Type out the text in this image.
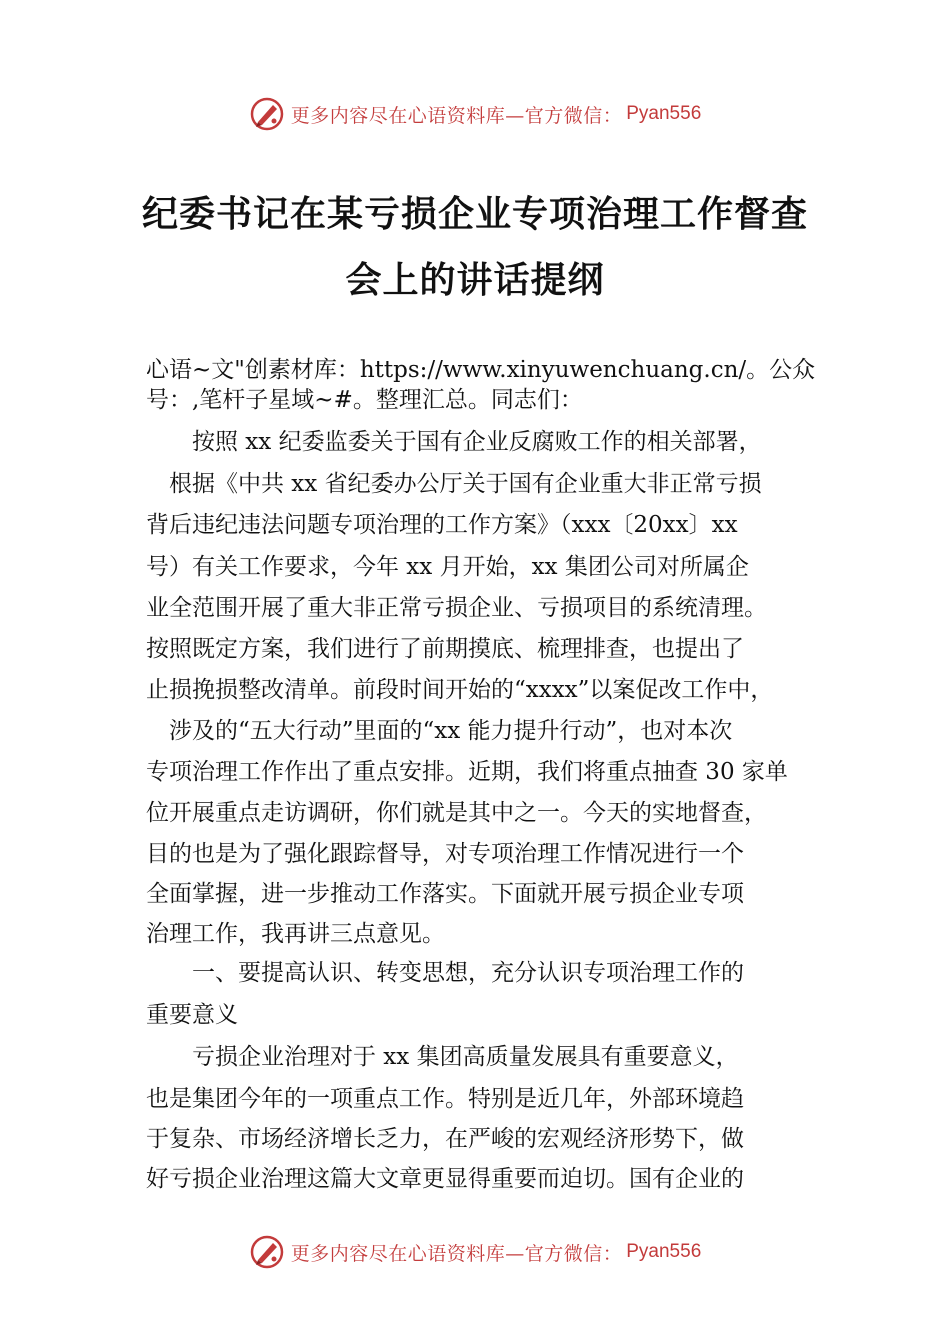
更多内容尽在心语资料库—官方微信： Pyan556
纪委书记在某亏损企业专项治理工作督查
会上的讲话提纲
心语~文"创素材库：https://www.xinyuwenchuang.cn/。公众
号：,笔杆子星域~#。整理汇总。同志们：
　　按照 xx 纪委监委关于国有企业反腐败工作的相关部署，
　根据《中共 xx 省纪委办公厅关于国有企业重大非正常亏损
背后违纪违法问题专项治理的工作方案》（xxx〔20xx〕xx
号）有关工作要求，今年 xx 月开始，xx 集团公司对所属企
业全范围开展了重大非正常亏损企业、亏损项目的系统清理。
按照既定方案，我们进行了前期摸底、梳理排查，也提出了
止损挽损整改清单。前段时间开始的“xxxx”以案促改工作中，
　涉及的“五大行动”里面的“xx 能力提升行动”，也对本次
专项治理工作作出了重点安排。近期，我们将重点抽查 30 家单
位开展重点走访调研，你们就是其中之一。今天的实地督查，
目的也是为了强化跟踪督导，对专项治理工作情况进行一个
全面掌握，进一步推动工作落实。下面就开展亏损企业专项
治理工作，我再讲三点意见。
　　一、要提高认识、转变思想，充分认识专项治理工作的
重要意义
　　亏损企业治理对于 xx 集团高质量发展具有重要意义，
也是集团今年的一项重点工作。特别是近几年，外部环境趋
于复杂、市场经济增长乏力，在严峻的宏观经济形势下，做
好亏损企业治理这篇大文章更显得重要而迫切。国有企业的
更多内容尽在心语资料库—官方微信： Pyan556
